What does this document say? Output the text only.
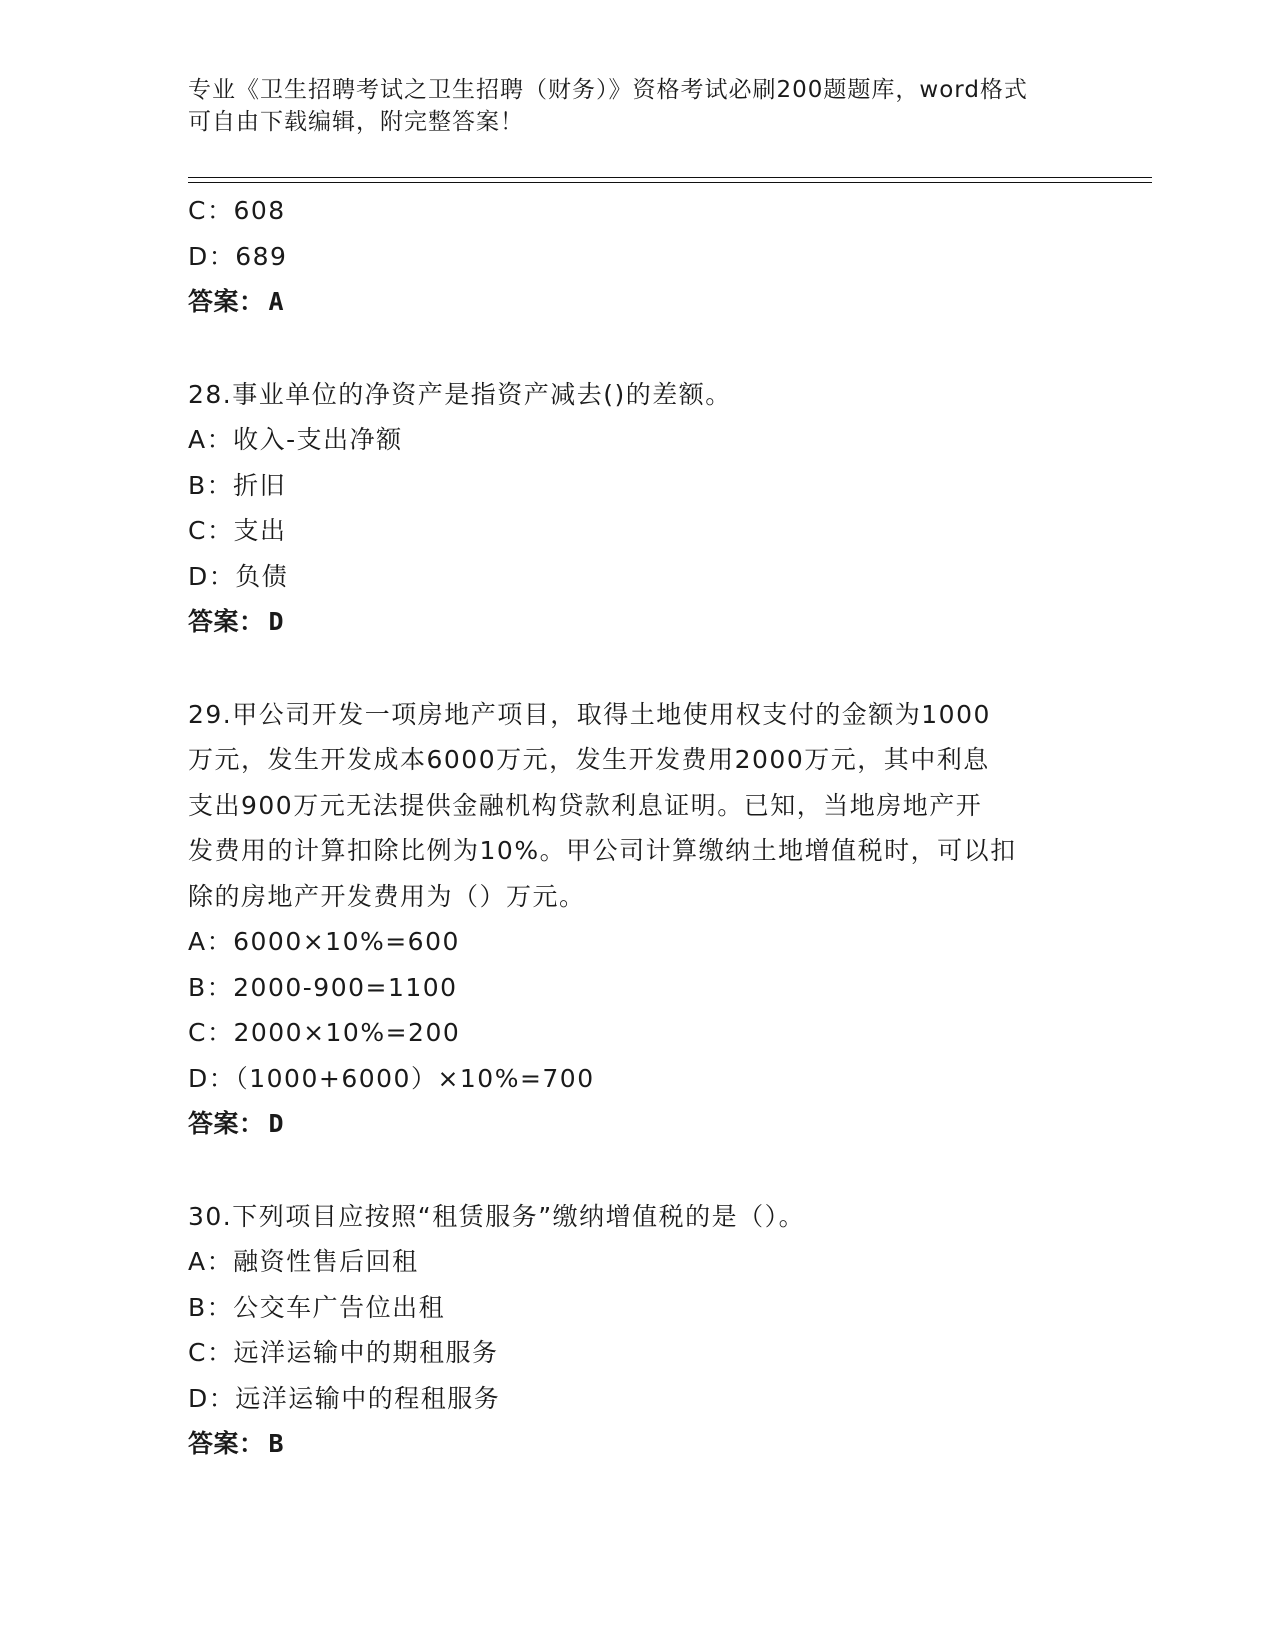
专业《卫生招聘考试之卫生招聘（财务）》资格考试必刷200题题库，word格式
可自由下载编辑，附完整答案！
C：608
D：689
答案： A
28.事业单位的净资产是指资产减去()的差额。
A：收入-支出净额
B：折旧
C：支出
D：负债
答案： D
29.甲公司开发一项房地产项目，取得土地使用权支付的金额为1000
万元，发生开发成本6000万元，发生开发费用2000万元，其中利息
支出900万元无法提供金融机构贷款利息证明。已知，当地房地产开
发费用的计算扣除比例为10%。甲公司计算缴纳土地增值税时，可以扣
除的房地产开发费用为（）万元。
A：6000×10%=600
B：2000-900=1100
C：2000×10%=200
D：（1000+6000）×10%=700
答案： D
30.下列项目应按照“租赁服务”缴纳增值税的是（）。
A：融资性售后回租
B：公交车广告位出租
C：远洋运输中的期租服务
D：远洋运输中的程租服务
答案： B
